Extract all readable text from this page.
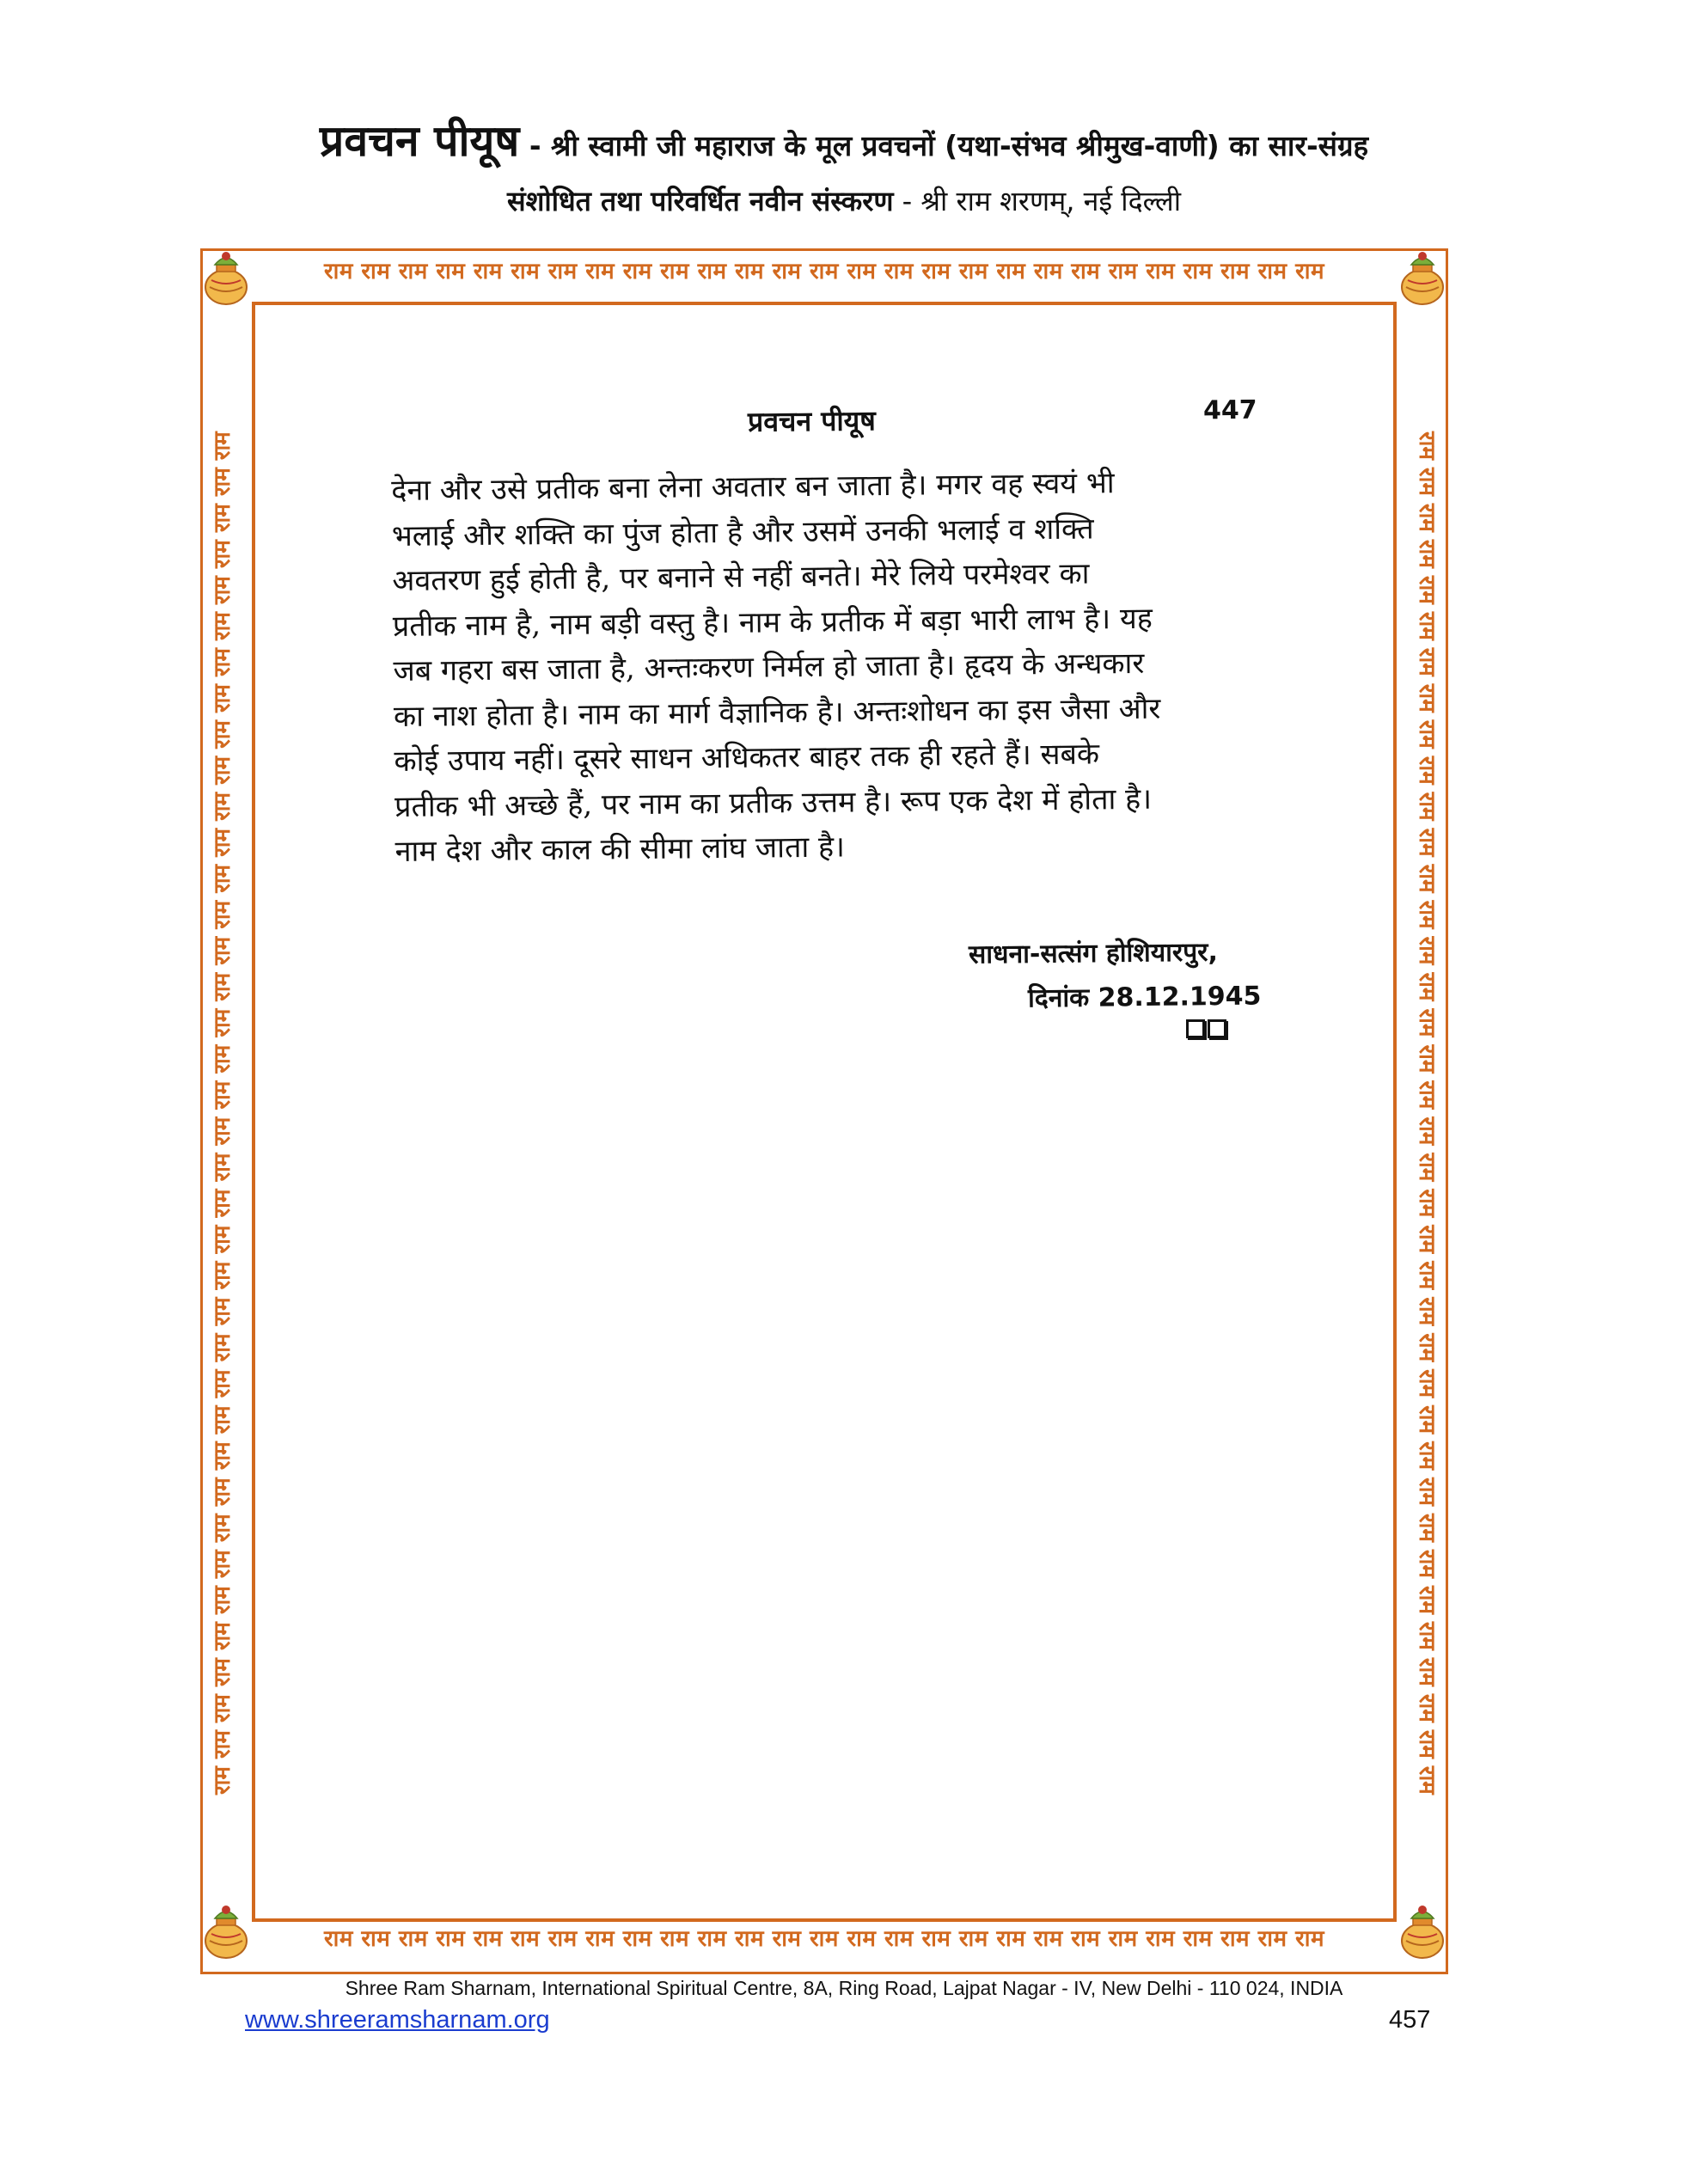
प्रवचन पीयूष - श्री स्वामी जी महाराज के मूल प्रवचनों (यथा-संभव श्रीमुख-वाणी) का सार-संग्रह
संशोधित तथा परिवर्धित नवीन संस्करण - श्री राम शरणम्, नई दिल्ली
राम राम राम राम राम राम राम राम राम राम राम राम राम राम राम राम राम राम राम राम राम राम राम राम राम राम राम
राम राम राम राम राम राम राम राम राम राम राम राम राम राम राम राम राम राम राम राम राम राम राम राम राम राम राम
राम राम राम राम राम राम राम राम राम राम राम राम राम राम राम राम राम राम राम राम राम राम राम राम राम राम राम राम राम राम राम राम राम राम राम राम राम राम	राम राम राम राम राम राम राम राम राम राम राम राम राम राम राम राम राम राम राम राम राम राम राम राम राम राम राम राम राम राम राम राम राम राम राम राम राम राम
प्रवचन पीयूष	447
देना और उसे प्रतीक बना लेना अवतार बन जाता है। मगर वह स्वयं भी
भलाई और शक्ति का पुंज होता है और उसमें उनकी भलाई व शक्ति
अवतरण हुई होती है, पर बनाने से नहीं बनते। मेरे लिये परमेश्वर का
प्रतीक नाम है, नाम बड़ी वस्तु है। नाम के प्रतीक में बड़ा भारी लाभ है। यह
जब गहरा बस जाता है, अन्तःकरण निर्मल हो जाता है। हृदय के अन्धकार
का नाश होता है। नाम का मार्ग वैज्ञानिक है। अन्तःशोधन का इस जैसा और
कोई उपाय नहीं। दूसरे साधन अधिकतर बाहर तक ही रहते हैं। सबके
प्रतीक भी अच्छे हैं, पर नाम का प्रतीक उत्तम है। रूप एक देश में होता है।
नाम देश और काल की सीमा लांघ जाता है।
साधना-सत्संग होशियारपुर,
दिनांक 28.12.1945
Shree Ram Sharnam, International Spiritual Centre, 8A, Ring Road, Lajpat Nagar - IV, New Delhi - 110 024, INDIA
www.shreeramsharnam.org	457
